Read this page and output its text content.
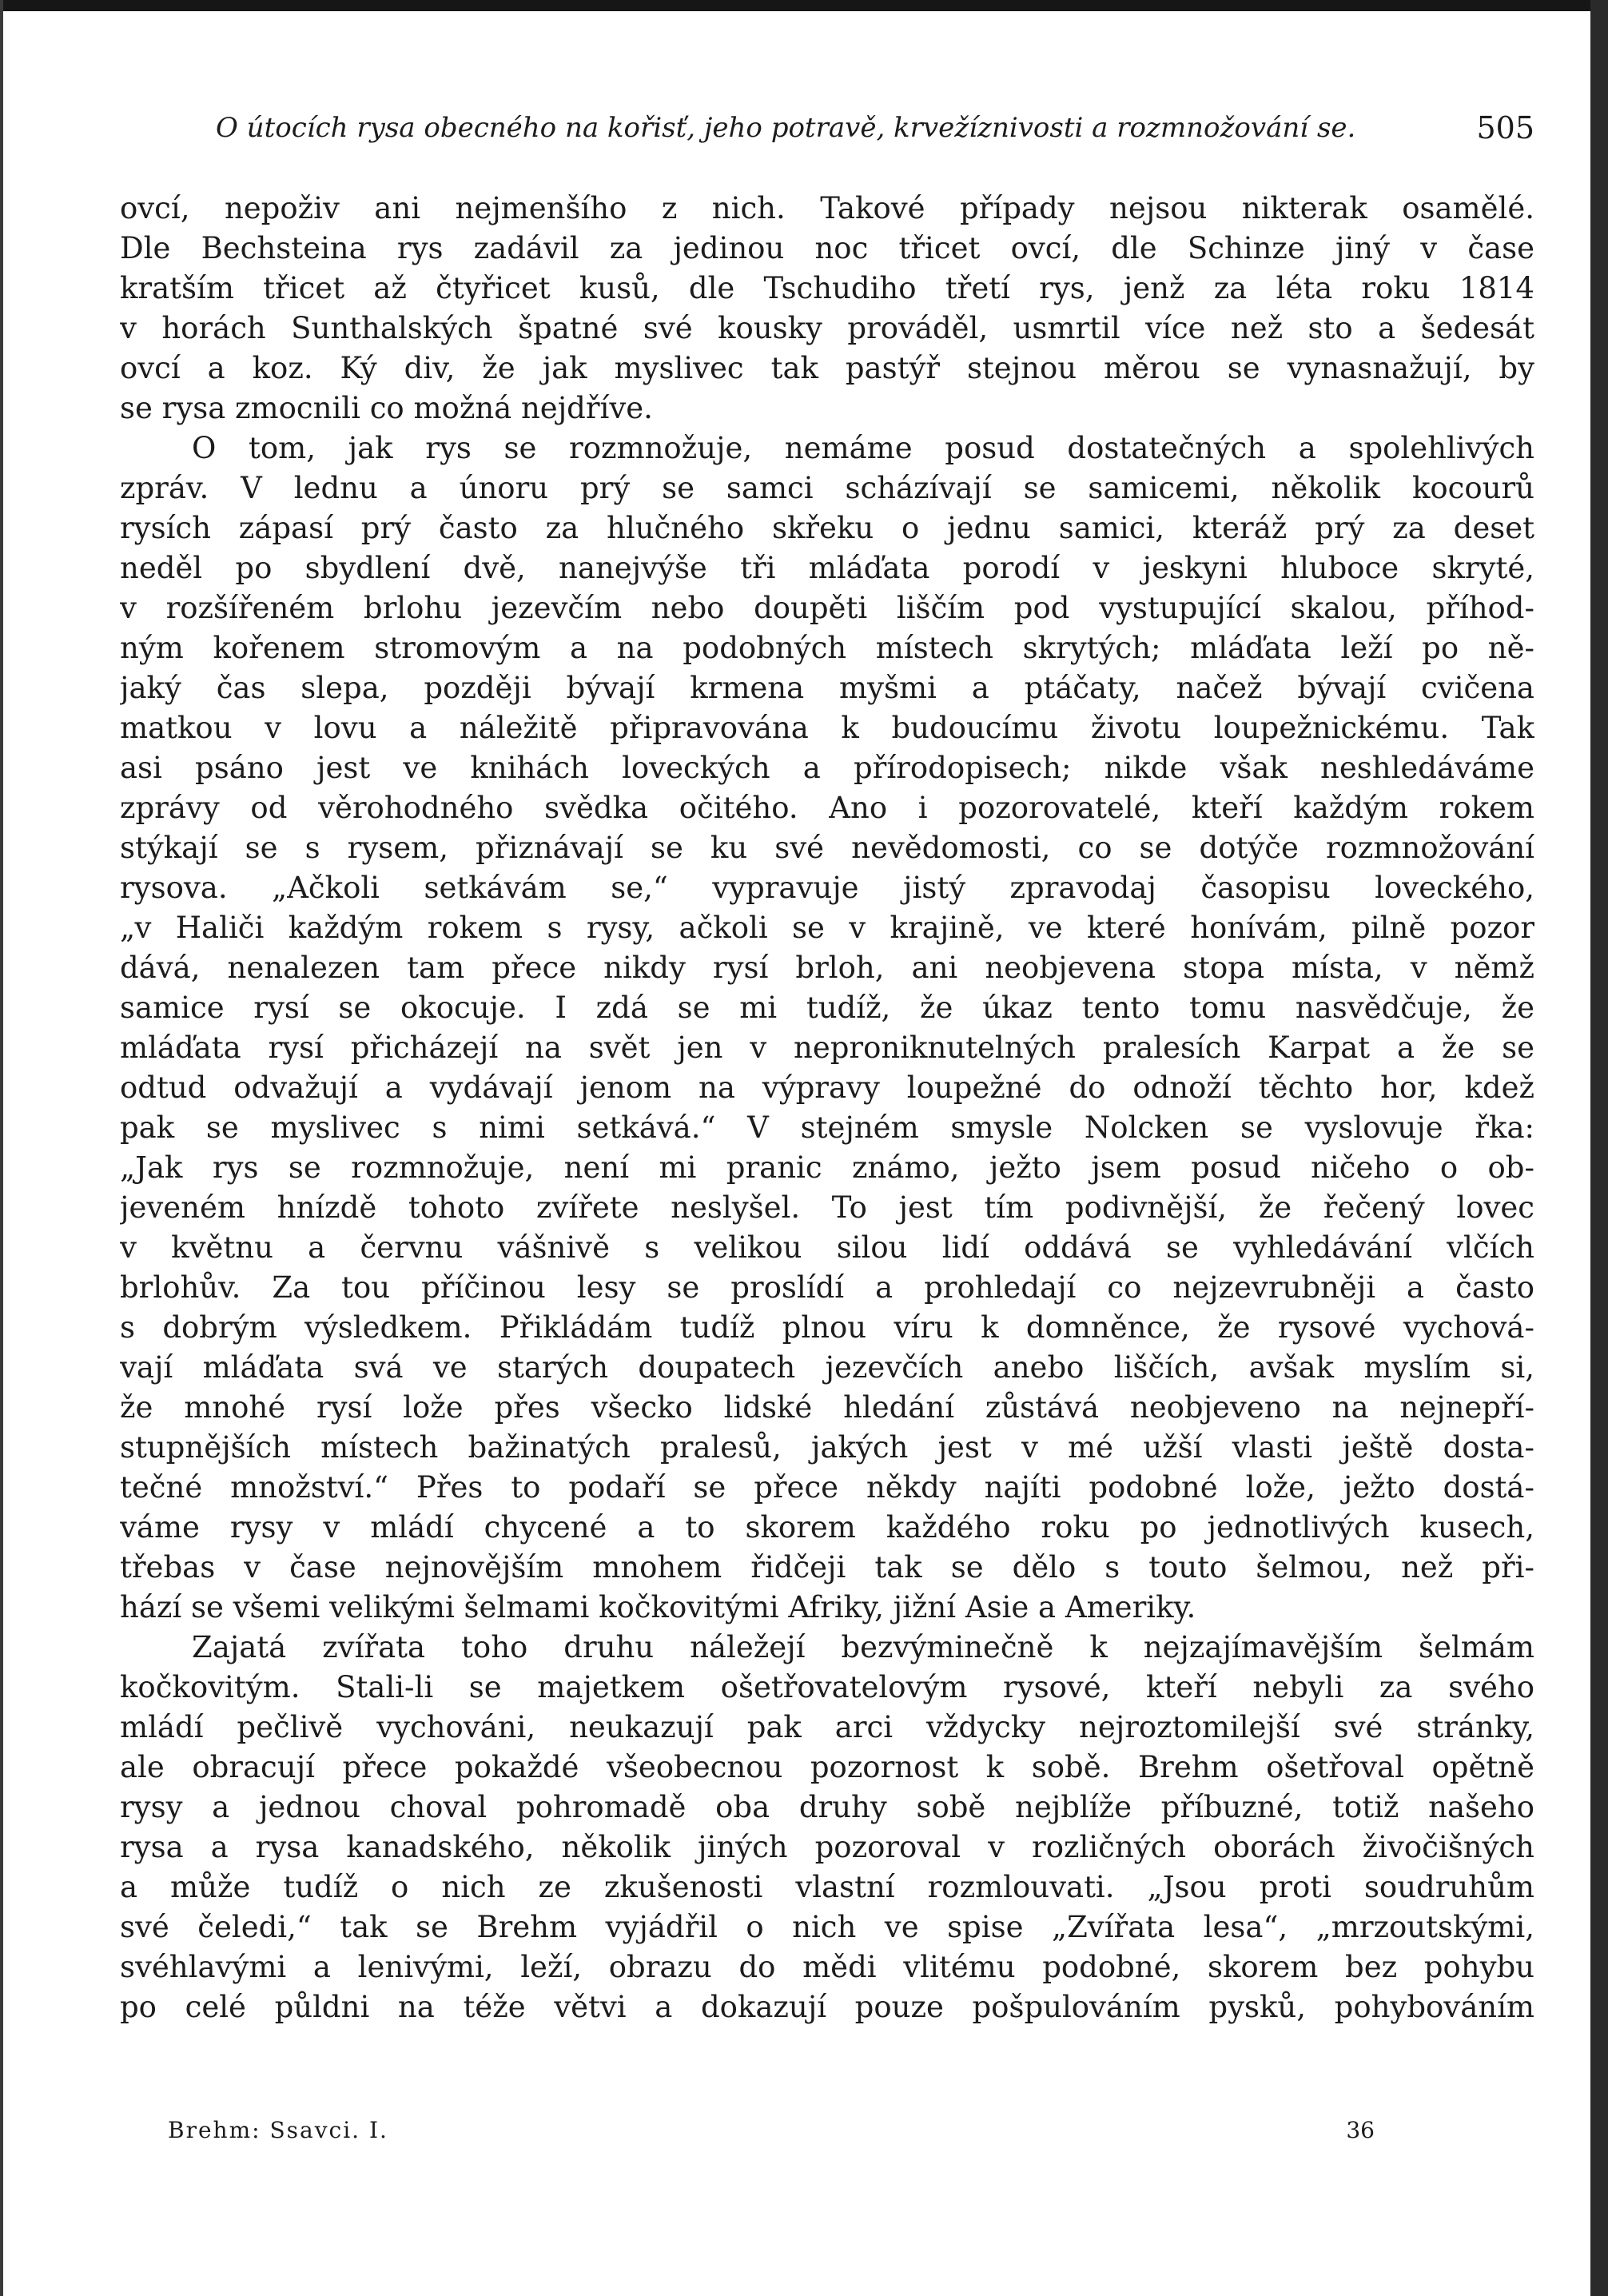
O útocích rysa obecného na kořisť, jeho potravě, krvežíznivosti a rozmnožování se.	505

ovcí, nepoživ ani nejmenšího z nich. Takové případy nejsou nikterak osamělé.

Dle Bechsteina rys zadávil za jedinou noc třicet ovcí, dle Schinze jiný v čase

kratším třicet až čtyřicet kusů, dle Tschudiho třetí rys, jenž za léta roku 1814

v horách Sunthalských špatné své kousky prováděl, usmrtil více než sto a šedesát

ovcí a koz. Ký div, že jak myslivec tak pastýř stejnou měrou se vynasnažují, by

se rysa zmocnili co možná nejdříve.

O tom, jak rys se rozmnožuje, nemáme posud dostatečných a spolehlivých

zpráv. V lednu a únoru prý se samci scházívají se samicemi, několik kocourů

rysích zápasí prý často za hlučného skřeku o jednu samici, kteráž prý za deset

neděl po sbydlení dvě, nanejvýše tři mláďata porodí v jeskyni hluboce skryté,

v rozšířeném brlohu jezevčím nebo doupěti liščím pod vystupující skalou, příhod-

ným kořenem stromovým a na podobných místech skrytých; mláďata leží po ně-

jaký čas slepa, později bývají krmena myšmi a ptáčaty, načež bývají cvičena

matkou v lovu a náležitě připravována k budoucímu životu loupežnickému. Tak

asi psáno jest ve knihách loveckých a přírodopisech; nikde však neshledáváme

zprávy od věrohodného svědka očitého. Ano i pozorovatelé, kteří každým rokem

stýkají se s rysem, přiznávají se ku své nevědomosti, co se dotýče rozmnožování

rysova. „Ačkoli setkávám se,“ vypravuje jistý zpravodaj časopisu loveckého,

„v Haliči každým rokem s rysy, ačkoli se v krajině, ve které honívám, pilně pozor

dává, nenalezen tam přece nikdy rysí brloh, ani neobjevena stopa místa, v němž

samice rysí se okocuje. I zdá se mi tudíž, že úkaz tento tomu nasvědčuje, že

mláďata rysí přicházejí na svět jen v neproniknutelných pralesích Karpat a že se

odtud odvažují a vydávají jenom na výpravy loupežné do odnoží těchto hor, kdež

pak se myslivec s nimi setkává.“ V stejném smysle Nolcken se vyslovuje řka:

„Jak rys se rozmnožuje, není mi pranic známo, ježto jsem posud ničeho o ob-

jeveném hnízdě tohoto zvířete neslyšel. To jest tím podivnější, že řečený lovec

v květnu a červnu vášnivě s velikou silou lidí oddává se vyhledávání vlčích

brlohův. Za tou příčinou lesy se proslídí a prohledají co nejzevrubněji a často

s dobrým výsledkem. Přikládám tudíž plnou víru k domněnce, že rysové vychová-

vají mláďata svá ve starých doupatech jezevčích anebo liščích, avšak myslím si,

že mnohé rysí lože přes všecko lidské hledání zůstává neobjeveno na nejnepří-

stupnějších místech bažinatých pralesů, jakých jest v mé užší vlasti ještě dosta-

tečné množství.“ Přes to podaří se přece někdy najíti podobné lože, ježto dostá-

váme rysy v mládí chycené a to skorem každého roku po jednotlivých kusech,

třebas v čase nejnovějším mnohem řidčeji tak se dělo s touto šelmou, než při-

hází se všemi velikými šelmami kočkovitými Afriky, jižní Asie a Ameriky.

Zajatá zvířata toho druhu náležejí bezvýminečně k nejzajímavějším šelmám

kočkovitým. Stali-li se majetkem ošetřovatelovým rysové, kteří nebyli za svého

mládí pečlivě vychováni, neukazují pak arci vždycky nejroztomilejší své stránky,

ale obracují přece pokaždé všeobecnou pozornost k sobě. Brehm ošetřoval opětně

rysy a jednou choval pohromadě oba druhy sobě nejblíže příbuzné, totiž našeho

rysa a rysa kanadského, několik jiných pozoroval v rozličných oborách živočišných

a může tudíž o nich ze zkušenosti vlastní rozmlouvati. „Jsou proti soudruhům

své čeledi,“ tak se Brehm vyjádřil o nich ve spise „Zvířata lesa“, „mrzoutskými,

svéhlavými a lenivými, leží, obrazu do mědi vlitému podobné, skorem bez pohybu

po celé půldni na téže větvi a dokazují pouze pošpulováním pysků, pohybováním

Brehm: Ssavci. I.	36
